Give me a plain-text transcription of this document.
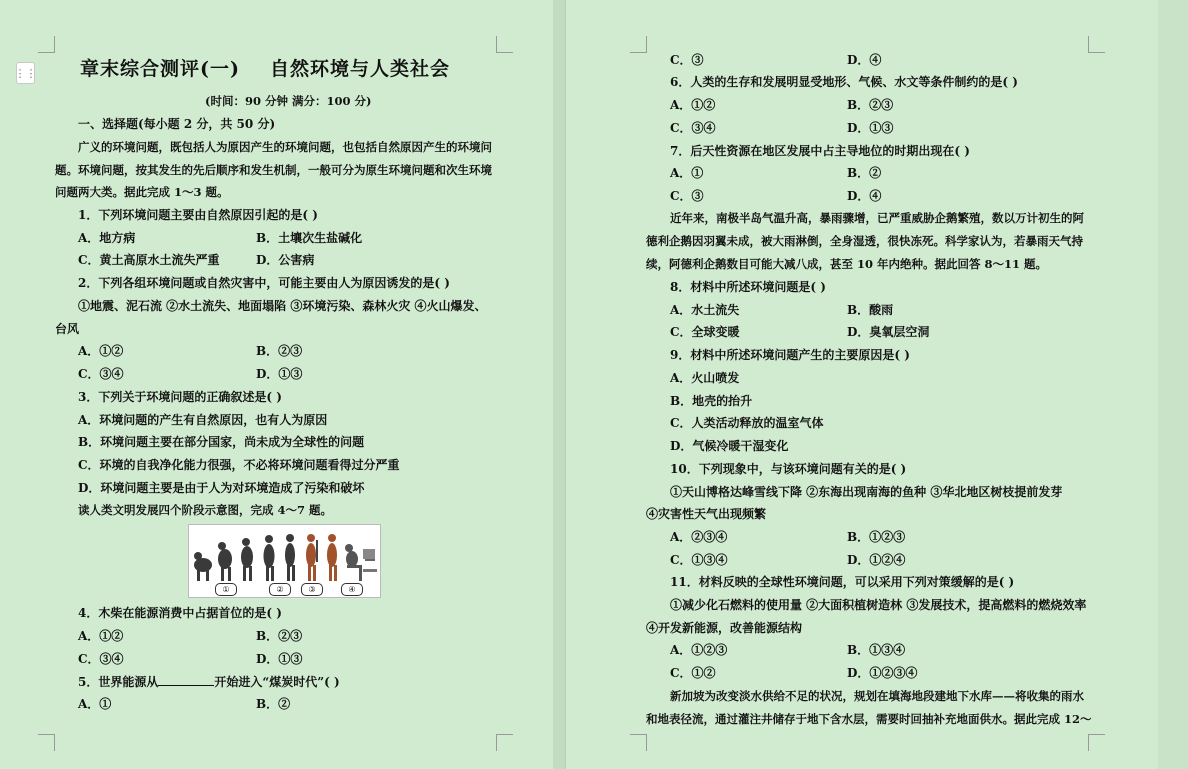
⋮⋮ 章末综合测评(一) 自然环境与人类社会
(时间：90 分钟 满分：100 分)
一、选择题(每小题 2 分，共 50 分)
广义的环境问题，既包括人为原因产生的环境问题，也包括自然原因产生的环境问
题。环境问题，按其发生的先后顺序和发生机制，一般可分为原生环境问题和次生环境
问题两大类。据此完成 1～3 题。
1．下列环境问题主要由自然原因引起的是( )
A．地方病	B．土壤次生盐碱化
C．黄土高原水土流失严重	D．公害病
2．下列各组环境问题或自然灾害中，可能主要由人为原因诱发的是( )
①地震、泥石流 ②水土流失、地面塌陷 ③环境污染、森林火灾 ④火山爆发、
台风
A．①②	B．②③
C．③④	D．①③
3．下列关于环境问题的正确叙述是( )
A．环境问题的产生有自然原因，也有人为原因
B．环境问题主要在部分国家，尚未成为全球性的问题
C．环境的自我净化能力很强，不必将环境问题看得过分严重
D．环境问题主要是由于人为对环境造成了污染和破坏
读人类文明发展四个阶段示意图，完成 4～7 题。
①	②	③	④
4．木柴在能源消费中占据首位的是( )
A．①②	B．②③
C．③④	D．①③
5．世界能源从	开始进入“煤炭时代”( )
A．①	B．②
C．③	D．④
6．人类的生存和发展明显受地形、气候、水文等条件制约的是( )
A．①②	B．②③
C．③④	D．①③
7．后天性资源在地区发展中占主导地位的时期出现在( )
A．①	B．②
C．③	D．④
近年来，南极半岛气温升高，暴雨骤增，已严重威胁企鹅繁殖，数以万计初生的阿
德利企鹅因羽翼未成，被大雨淋倒，全身湿透，很快冻死。科学家认为，若暴雨天气持
续，阿德利企鹅数目可能大减八成，甚至 10 年内绝种。据此回答 8～11 题。
8．材料中所述环境问题是( )
A．水土流失	B．酸雨
C．全球变暖	D．臭氧层空洞
9．材料中所述环境问题产生的主要原因是( )
A．火山喷发
B．地壳的抬升
C．人类活动释放的温室气体
D．气候冷暖干湿变化
10．下列现象中，与该环境问题有关的是( )
①天山博格达峰雪线下降 ②东海出现南海的鱼种 ③华北地区树枝提前发芽
④灾害性天气出现频繁
A．②③④	B．①②③
C．①③④	D．①②④
11．材料反映的全球性环境问题，可以采用下列对策缓解的是( )
①减少化石燃料的使用量 ②大面积植树造林 ③发展技术，提高燃料的燃烧效率
④开发新能源，改善能源结构
A．①②③	B．①③④
C．①②	D．①②③④
新加坡为改变淡水供给不足的状况，规划在填海地段建地下水库——将收集的雨水
和地表径流，通过灌注井储存于地下含水层，需要时回抽补充地面供水。据此完成 12～
